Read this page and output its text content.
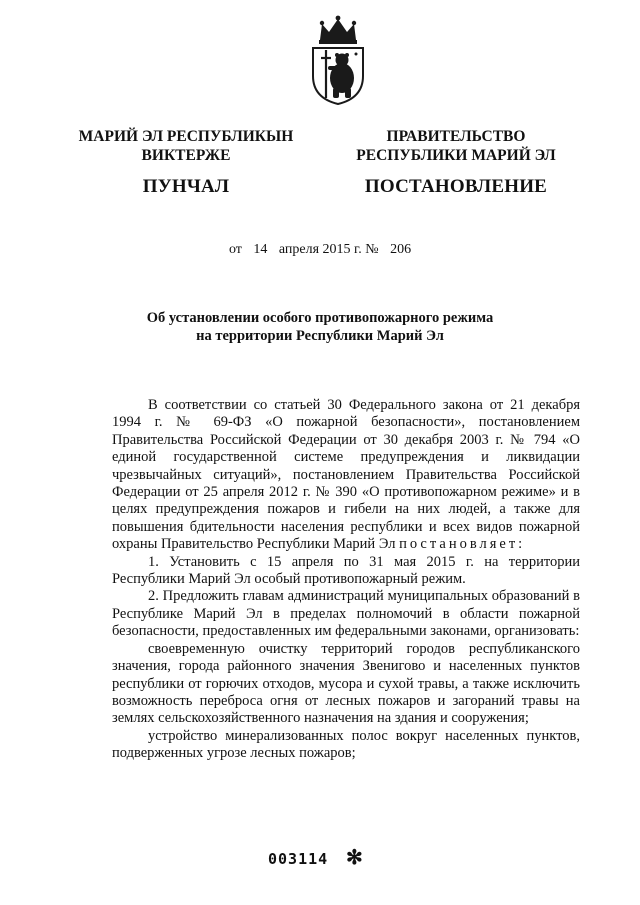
МАРИЙ ЭЛ РЕСПУБЛИКЫН
ВИКТЕРЖЕ
ПУНЧАЛ
ПРАВИТЕЛЬСТВО
РЕСПУБЛИКИ МАРИЙ ЭЛ
ПОСТАНОВЛЕНИЕ
от 14 апреля 2015 г. № 206
Об установлении особого противопожарного режима
на территории Республики Марий Эл

В соответствии со статьей 30 Федерального закона от 21 декабря 1994 г. № 69-ФЗ «О пожарной безопасности», постановлением Правительства Российской Федерации от 30 декабря 2003 г. № 794 «О единой государственной системе предупреждения и ликвидации чрезвычайных ситуаций», постановлением Правительства Российской Федерации от 25 апреля 2012 г. № 390 «О противопожарном режиме» и в целях предупреждения пожаров и гибели на них людей, а также для повышения бдительности населения республики и всех видов пожарной охраны Правительство Республики Марий Эл постановляет:

1. Установить с 15 апреля по 31 мая 2015 г. на территории Республики Марий Эл особый противопожарный режим.

2. Предложить главам администраций муниципальных образований в Республике Марий Эл в пределах полномочий в области пожарной безопасности, предоставленных им федеральными законами, организовать:

своевременную очистку территорий городов республиканского значения, города районного значения Звенигово и населенных пунктов республики от горючих отходов, мусора и сухой травы, а также исключить возможность переброса огня от лесных пожаров и загораний травы на землях сельскохозяйственного назначения на здания и сооружения;

устройство минерализованных полос вокруг населенных пунктов, подверженных угрозе лесных пожаров;

003114 ✻
